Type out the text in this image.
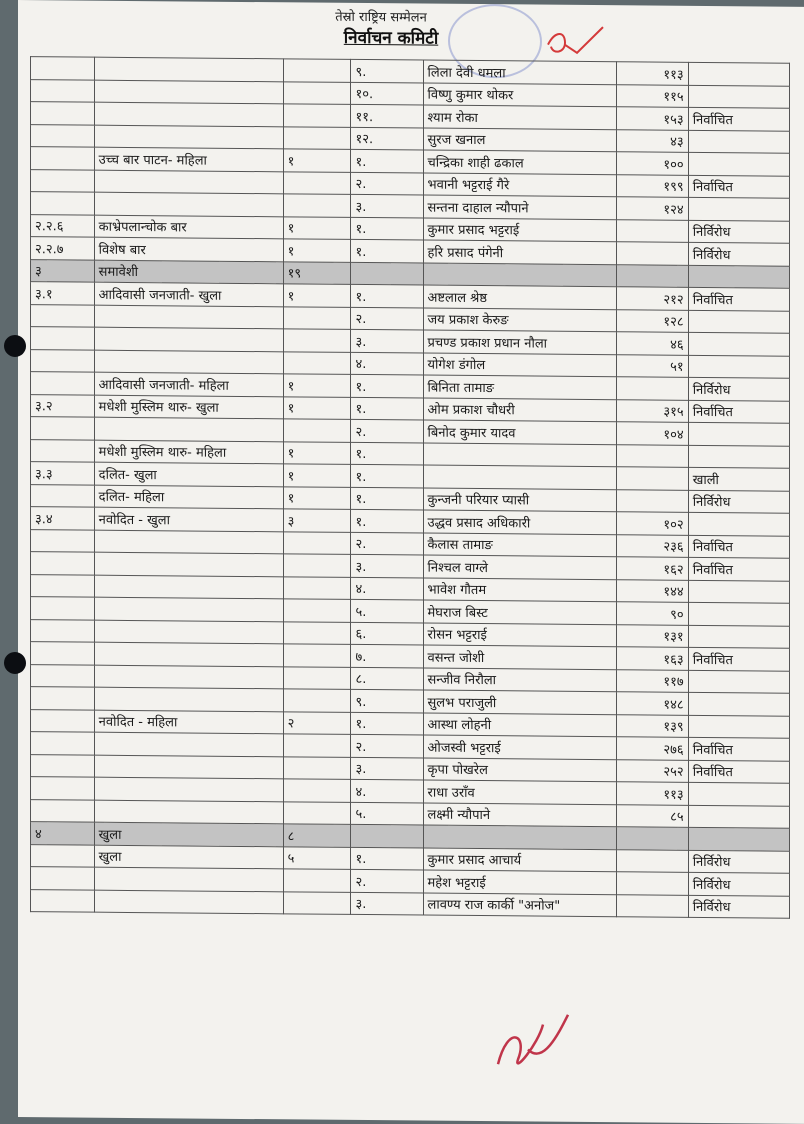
तेस्रो राष्ट्रिय सम्मेलन
निर्वाचन कमिटी
			९.	लिला देवी धमला	११३	
			१०.	विष्णु कुमार थोकर	११५	
			११.	श्याम रोका	१५३	निर्वाचित
			१२.	सुरज खनाल	४३	
	उच्च बार पाटन- महिला	१	१.	चन्द्रिका शाही ढकाल	१००	
			२.	भवानी भट्टराई गैरे	१९९	निर्वाचित
			३.	सन्तना दाहाल न्यौपाने	१२४	
२.२.६	काभ्रेपलान्चोक बार	१	१.	कुमार प्रसाद भट्टराई		निर्विरोध
२.२.७	विशेष बार	१	१.	हरि प्रसाद पंगेनी		निर्विरोध
३	समावेशी	१९				
३.१	आदिवासी जनजाती- खुला	१	१.	अष्टलाल श्रेष्ठ	२१२	निर्वाचित
			२.	जय प्रकाश केरुङ	१२८	
			३.	प्रचण्ड प्रकाश प्रधान नौला	४६	
			४.	योगेश डंगोल	५१	
	आदिवासी जनजाती- महिला	१	१.	बिनिता तामाङ		निर्विरोध
३.२	मधेशी मुस्लिम थारु- खुला	१	१.	ओम प्रकाश चौधरी	३१५	निर्वाचित
			२.	बिनोद कुमार यादव	१०४	
	मधेशी मुस्लिम थारु- महिला	१	१.			
३.३	दलित- खुला	१	१.			खाली
	दलित- महिला	१	१.	कुन्जनी परियार प्यासी		निर्विरोध
३.४	नवोदित - खुला	३	१.	उद्धव प्रसाद अधिकारी	१०२	
			२.	कैलास तामाङ	२३६	निर्वाचित
			३.	निश्चल वाग्ले	१६२	निर्वाचित
			४.	भावेश गौतम	१४४	
			५.	मेघराज बिस्ट	९०	
			६.	रोसन भट्टराई	१३१	
			७.	वसन्त जोशी	१६३	निर्वाचित
			८.	सन्जीव निरौला	११७	
			९.	सुलभ पराजुली	१४८	
	नवोदित - महिला	२	१.	आस्था लोहनी	१३९	
			२.	ओजस्वी भट्टराई	२७६	निर्वाचित
			३.	कृपा पोखरेल	२५२	निर्वाचित
			४.	राधा उराँव	११३	
			५.	लक्ष्मी न्यौपाने	८५	
४	खुला	८				
	खुला	५	१.	कुमार प्रसाद आचार्य		निर्विरोध
			२.	महेश भट्टराई		निर्विरोध
			३.	लावण्य राज कार्की "अनोज"		निर्विरोध
